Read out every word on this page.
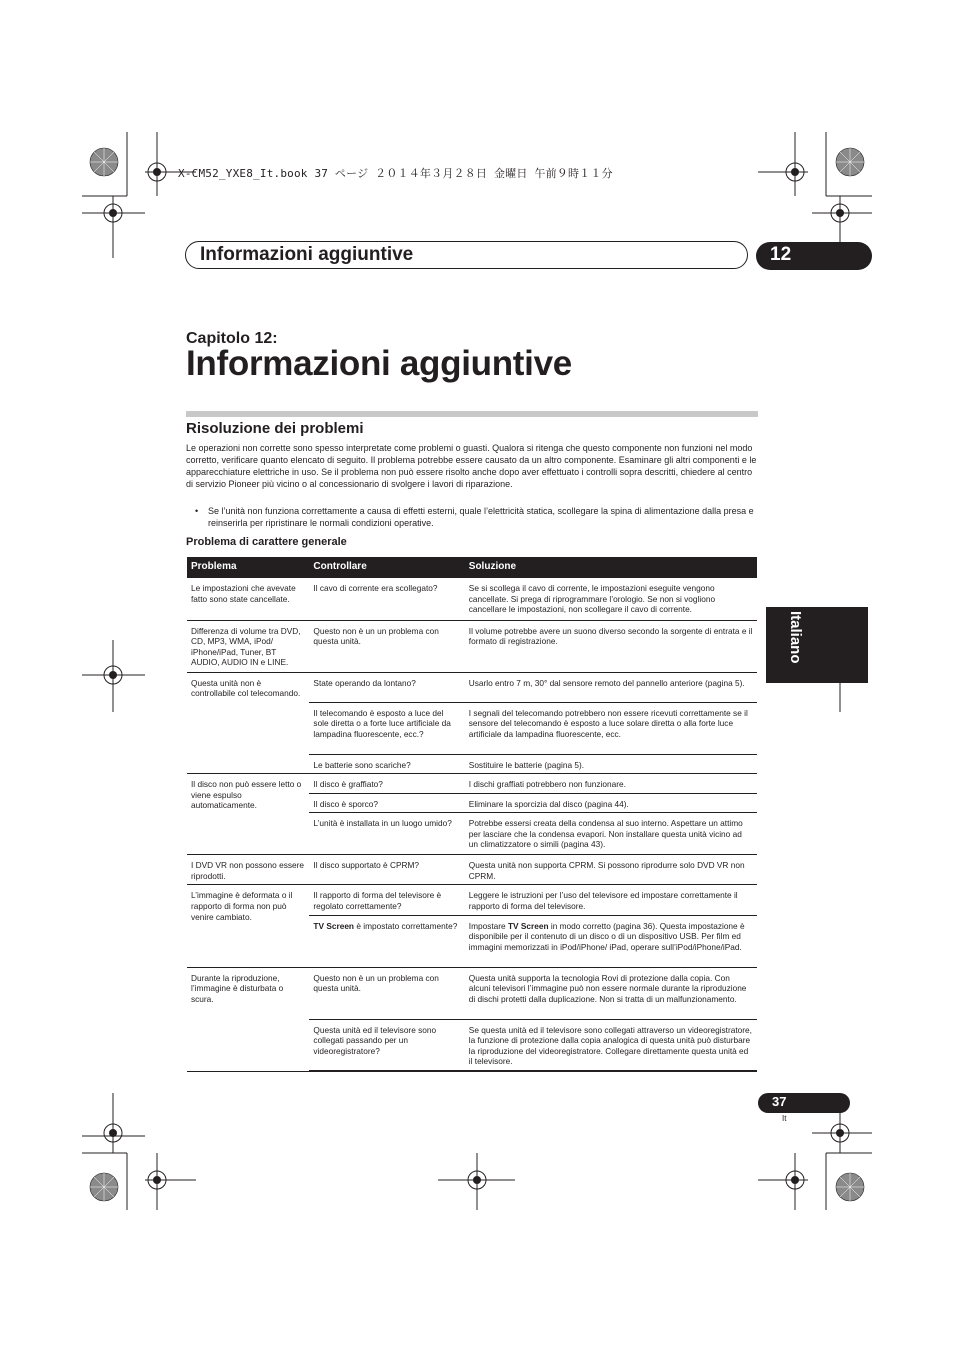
X-CM52_YXE8_It.book 37 ページ ２０１４年３月２８日 金曜日 午前９時１１分
Informazioni aggiuntive	12
Capitolo 12:
Informazioni aggiuntive
Risoluzione dei problemi
Le operazioni non corrette sono spesso interpretate come problemi o guasti. Qualora si ritenga che questo componente non funzioni nel modo corretto, verificare quanto elencato di seguito. Il problema potrebbe essere causato da un altro componente. Esaminare gli altri componenti e le apparecchiature elettriche in uso. Se il problema non può essere risolto anche dopo aver effettuato i controlli sopra descritti, chiedere al centro di servizio Pioneer più vicino o al concessionario di svolgere i lavori di riparazione.
• Se l’unità non funziona correttamente a causa di effetti esterni, quale l’elettricità statica, scollegare la spina di alimentazione dalla presa e reinserirla per ripristinare le normali condizioni operative.
Problema di carattere generale
Problema	Controllare	Soluzione
Le impostazioni che avevate fatto sono state cancellate.	Il cavo di corrente era scollegato?	Se si scollega il cavo di corrente, le impostazioni eseguite vengono cancellate. Si prega di riprogrammare l’orologio. Se non si vogliono cancellare le impostazioni, non scollegare il cavo di corrente.
Differenza di volume tra DVD, CD, MP3, WMA, iPod/ iPhone/iPad, Tuner, BT AUDIO, AUDIO IN e LINE.	Questo non è un un problema con questa unità.	Il volume potrebbe avere un suono diverso secondo la sorgente di entrata e il formato di registrazione.
Questa unità non è controllabile col telecomando.	State operando da lontano?	Usarlo entro 7 m, 30° dal sensore remoto del pannello anteriore (pagina 5).
	Il telecomando è esposto a luce del sole diretta o a forte luce artificiale da lampadina fluorescente, ecc.?	I segnali del telecomando potrebbero non essere ricevuti correttamente se il sensore del telecomando è esposto a luce solare diretta o alla forte luce artificiale da lampadina fluorescente, ecc.
	Le batterie sono scariche?	Sostituire le batterie (pagina 5).
Il disco non può essere letto o viene espulso automaticamente.	Il disco è graffiato?	I dischi graffiati potrebbero non funzionare.
	Il disco è sporco?	Eliminare la sporcizia dal disco (pagina 44).
	L’unità è installata in un luogo umido?	Potrebbe essersi creata della condensa al suo interno. Aspettare un attimo per lasciare che la condensa evapori. Non installare questa unità vicino ad un climatizzatore o simili (pagina 43).
I DVD VR non possono essere riprodotti.	Il disco supportato è CPRM?	Questa unità non supporta CPRM. Si possono riprodurre solo DVD VR non CPRM.
L’immagine è deformata o il rapporto di forma non può venire cambiato.	Il rapporto di forma del televisore è regolato correttamente?	Leggere le istruzioni per l’uso del televisore ed impostare correttamente il rapporto di forma del televisore.
	TV Screen è impostato correttamente?	Impostare TV Screen in modo corretto (pagina 36). Questa impostazione è disponibile per il contenuto di un disco o di un dispositivo USB. Per film ed immagini memorizzati in iPod/iPhone/ iPad, operare sull’iPod/iPhone/iPad.
Durante la riproduzione, l’immagine è disturbata o scura.	Questo non è un un problema con questa unità.	Questa unità supporta la tecnologia Rovi di protezione dalla copia. Con alcuni televisori l’immagine può non essere normale durante la riproduzione di dischi protetti dalla duplicazione. Non si tratta di un malfunzionamento.
	Questa unità ed il televisore sono collegati passando per un videoregistratore?	Se questa unità ed il televisore sono collegati attraverso un videoregistratore, la funzione di protezione dalla copia analogica di questa unità può disturbare la riproduzione del videoregistratore. Collegare direttamente questa unità ed il televisore.
Italiano
37
It
